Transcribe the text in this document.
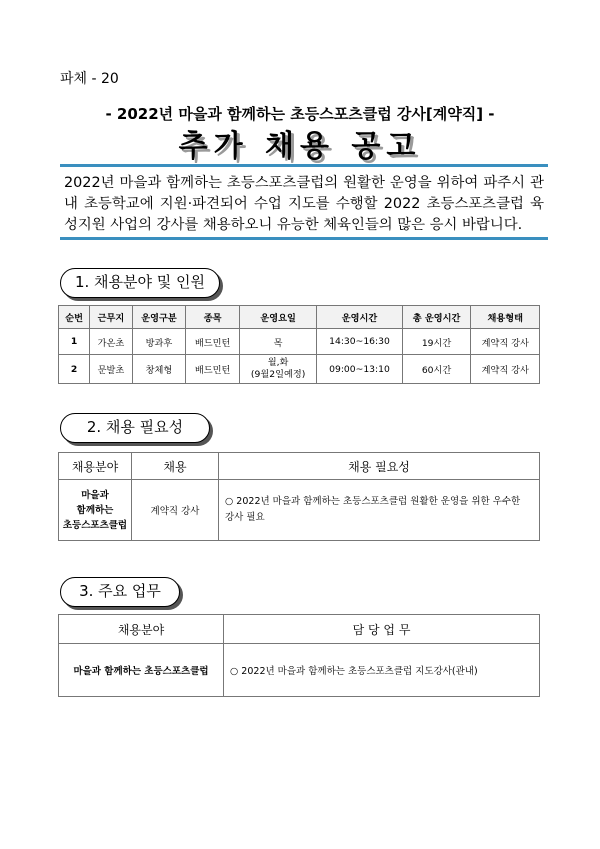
파체 - 20
- 2022년 마을과 함께하는 초등스포츠클럽 강사[계약직] -
추가 채용 공고

2022년 마을과 함께하는 초등스포츠클럽의 원활한 운영을 위하여 파주시 관

내 초등학교에 지원·파견되어 수업 지도를 수행할 2022 초등스포츠클럽 육

성지원 사업의 강사를 채용하오니 유능한 체육인들의 많은 응시 바랍니다.

1. 채용분야 및 인원
순번	근무지	운영구분	종목	운영요일	운영시간	총 운영시간	채용형태
1	가온초	방과후	배드민턴	목	14:30~16:30	19시간	계약직 강사
2	문발초	창체형	배드민턴	월,화
(9월2일예정)	09:00~13:10	60시간	계약직 강사
2. 채용 필요성
채용분야	채용	채용 필요성
마을과
함께하는
초등스포츠클럽	계약직 강사	○ 2022년 마을과 함께하는 초등스포츠클럽 원활한 운영을 위한 우수한
강사 필요
3. 주요 업무
채용분야	담 당 업 무
마을과 함께하는 초등스포츠클럽	○ 2022년 마을과 함께하는 초등스포츠클럽 지도강사(관내)
